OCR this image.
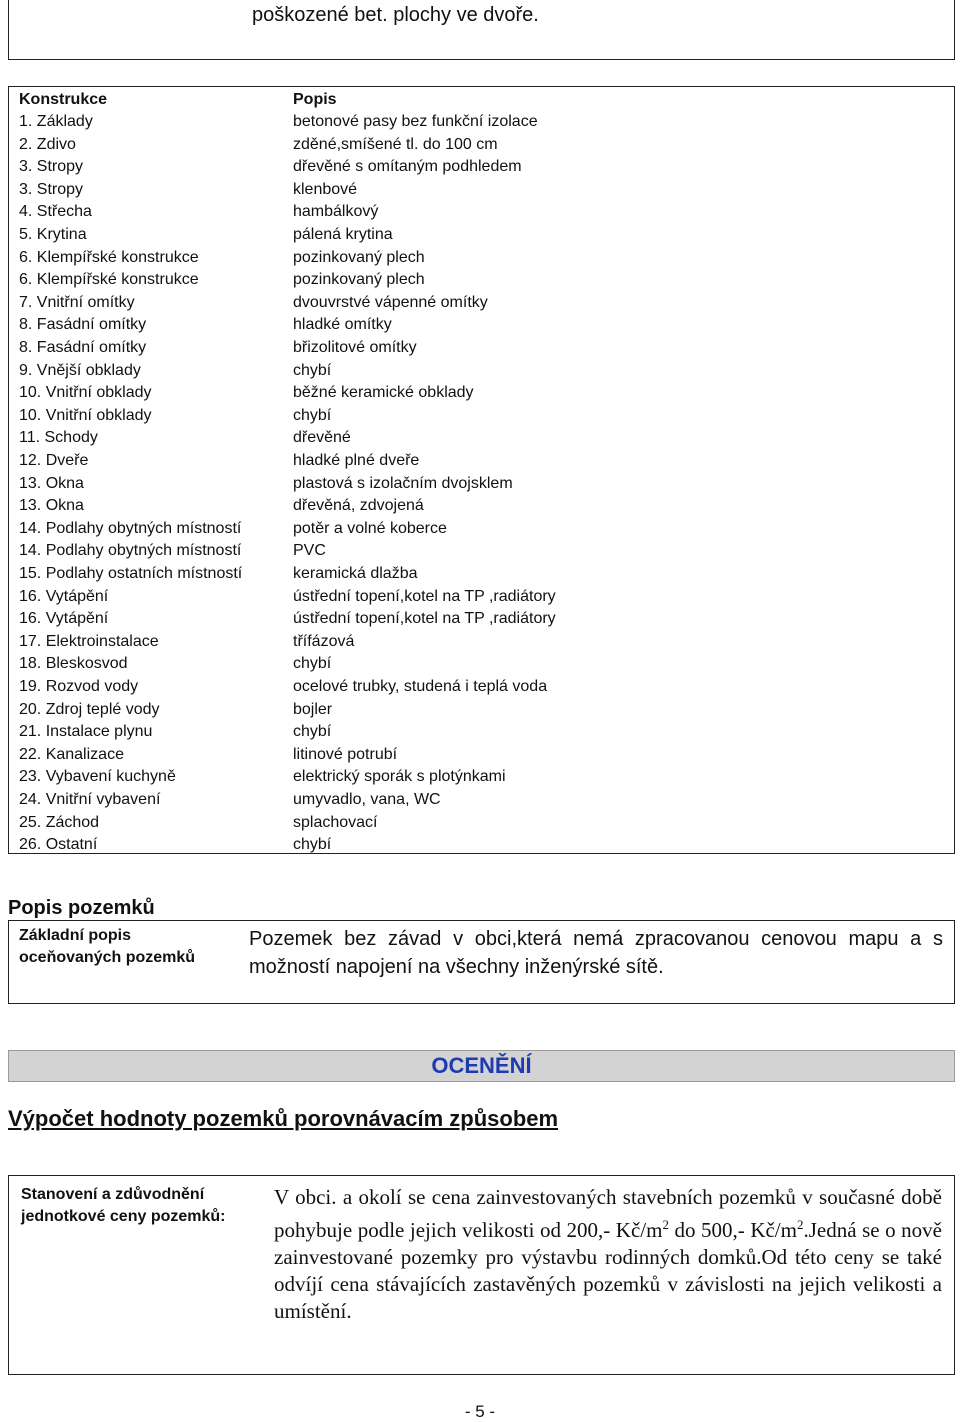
poškozené bet. plochy ve dvoře.
Konstrukce	Popis
1. Základy	betonové pasy bez funkční izolace
2. Zdivo	zděné,smíšené tl. do 100 cm
3. Stropy	dřevěné s omítaným podhledem
3. Stropy	klenbové
4. Střecha	hambálkový
5. Krytina	pálená krytina
6. Klempířské konstrukce	pozinkovaný plech
6. Klempířské konstrukce	pozinkovaný plech
7. Vnitřní omítky	dvouvrstvé vápenné omítky
8. Fasádní omítky	hladké omítky
8. Fasádní omítky	břizolitové omítky
9. Vnější obklady	chybí
10. Vnitřní obklady	běžné keramické obklady
10. Vnitřní obklady	chybí
11. Schody	dřevěné
12. Dveře	hladké plné dveře
13. Okna	plastová s izolačním dvojsklem
13. Okna	dřevěná, zdvojená
14. Podlahy obytných místností	potěr a volné koberce
14. Podlahy obytných místností	PVC
15. Podlahy ostatních místností	keramická dlažba
16. Vytápění	ústřední topení,kotel na TP ,radiátory
16. Vytápění	ústřední topení,kotel na TP ,radiátory
17. Elektroinstalace	třífázová
18. Bleskosvod	chybí
19. Rozvod vody	ocelové trubky, studená i teplá voda
20. Zdroj teplé vody	bojler
21. Instalace plynu	chybí
22. Kanalizace	litinové potrubí
23. Vybavení kuchyně	elektrický sporák s plotýnkami
24. Vnitřní vybavení	umyvadlo, vana, WC
25. Záchod	splachovací
26. Ostatní	chybí
Popis pozemků
Základní popis
oceňovaných pozemků
Pozemek bez závad v obci,která nemá zpracovanou cenovou mapu a s možností napojení na všechny inženýrské sítě.
OCENĚNÍ
Výpočet hodnoty pozemků porovnávacím způsobem
Stanovení a zdůvodnění
jednotkové ceny pozemků:
V obci. a okolí se cena zainvestovaných stavebních pozemků v současné době pohybuje podle jejich velikosti od 200,- $Kč/m^2$ do 500,- $Kč/m^2.Jedná$ se o nově zainvestované pozemky pro výstavbu rodinných domků.Od této ceny se také odvíjí cena stávajících zastavěných pozemků v závislosti na jejich velikosti a umístění.
- 5 -
